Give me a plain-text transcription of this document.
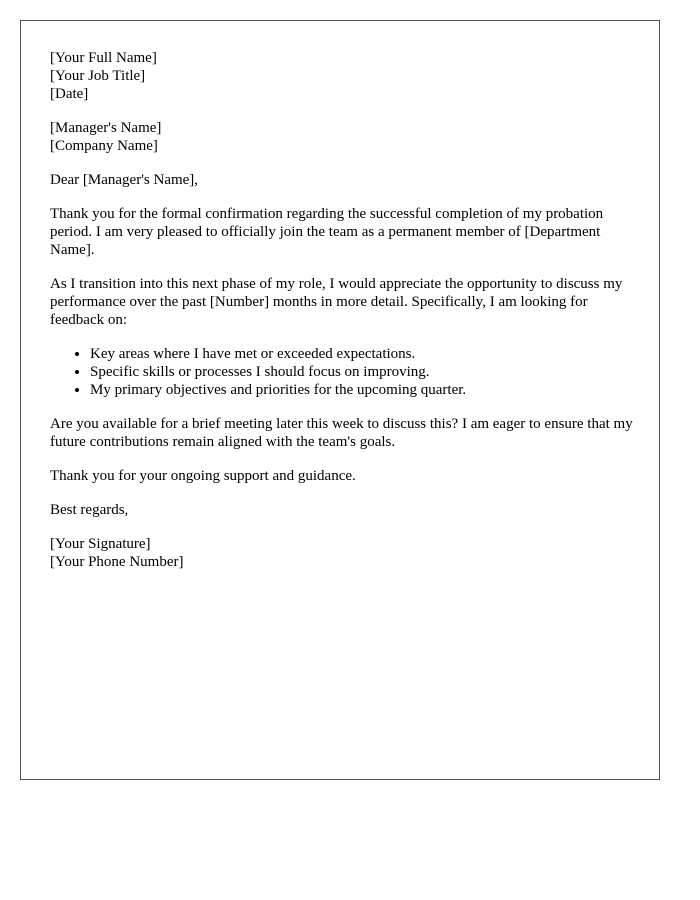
[Your Full Name]
[Your Job Title]
[Date]
[Manager's Name]
[Company Name]

Dear [Manager's Name],

Thank you for the formal confirmation regarding the successful completion of my probation period. I am very pleased to officially join the team as a permanent member of [Department Name].

As I transition into this next phase of my role, I would appreciate the opportunity to discuss my performance over the past [Number] months in more detail. Specifically, I am looking for feedback on:

• Key areas where I have met or exceeded expectations.
• Specific skills or processes I should focus on improving.
• My primary objectives and priorities for the upcoming quarter.

Are you available for a brief meeting later this week to discuss this? I am eager to ensure that my future contributions remain aligned with the team's goals.

Thank you for your ongoing support and guidance.

Best regards,

[Your Signature]
[Your Phone Number]
